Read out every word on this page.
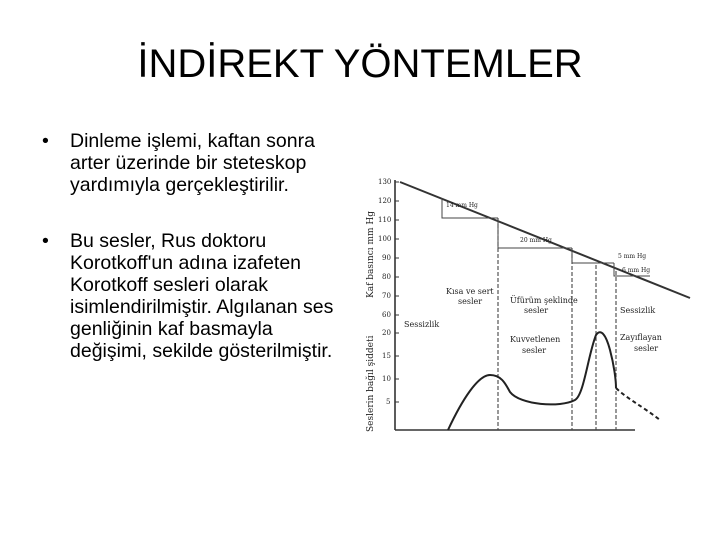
İNDİREKT YÖNTEMLER
• Dinleme işlemi, kaftan sonra arter üzerinde bir steteskop yardımıyla gerçekleştirilir.
• Bu sesler, Rus doktoru Korotkoff'un adına izafeten Korotkoff sesleri olarak isimlendirilmiştir. Algılanan ses genliğinin kaf basmayla değişimi, sekilde gösterilmiştir.
Kaf basıncı mm Hg
Seslerin bağıl şiddeti
130
120
110
100
90
80
70
60
20
15
10
5
14 mm Hg
20 mm Hg
5 mm Hg
6 mm Hg
Sessizlik
Kısa ve sert
sesler	Üfürüm şeklinde
sesler	Sessizlik
Kuvvetlenen
sesler
Zayıflayan
sesler
